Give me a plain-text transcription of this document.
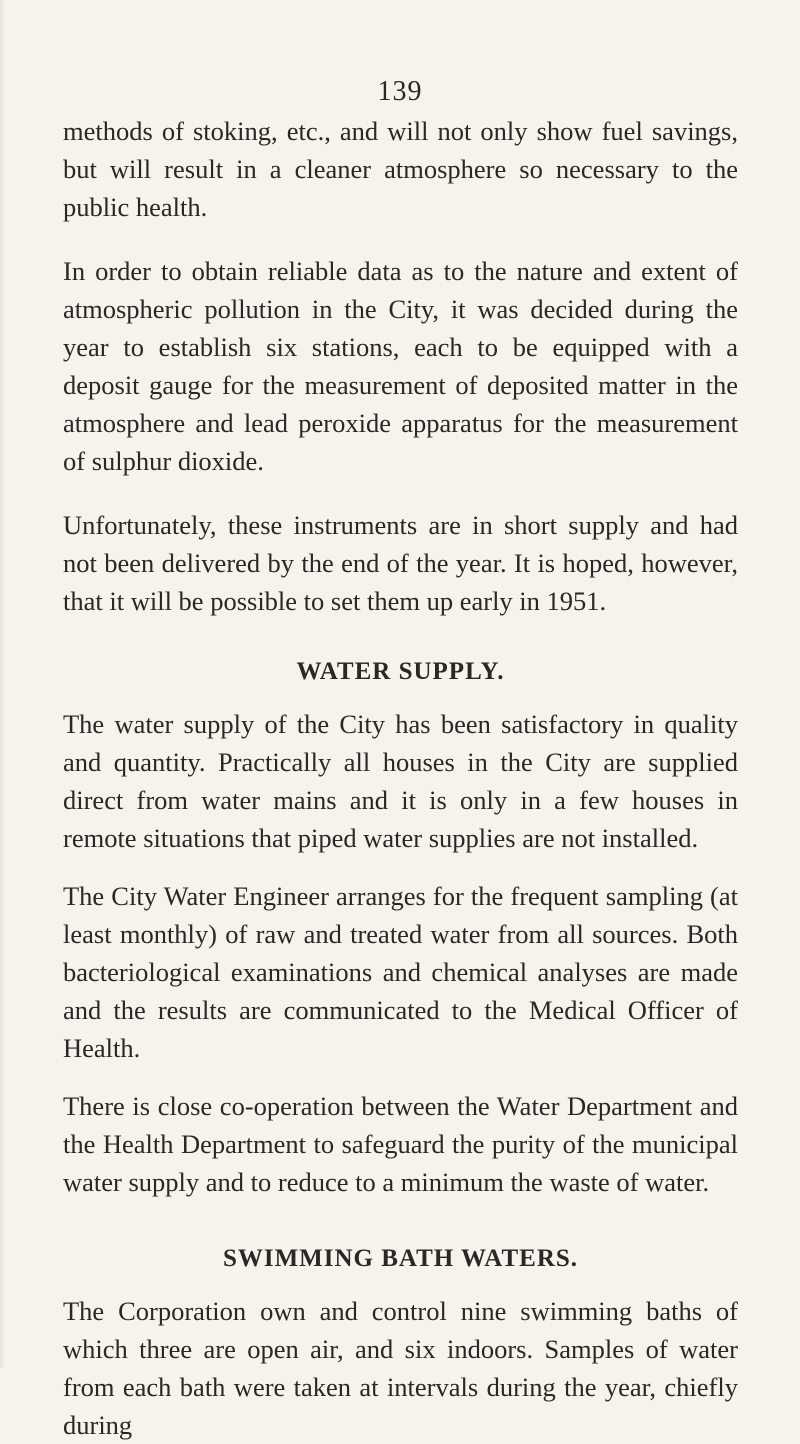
139

methods of stoking, etc., and will not only show fuel savings, but will result in a cleaner atmosphere so necessary to the public health.

In order to obtain reliable data as to the nature and extent of atmospheric pollution in the City, it was decided during the year to establish six stations, each to be equipped with a deposit gauge for the measurement of deposited matter in the atmosphere and lead peroxide apparatus for the measurement of sulphur dioxide.

Unfortunately, these instruments are in short supply and had not been delivered by the end of the year. It is hoped, however, that it will be possible to set them up early in 1951.

WATER SUPPLY.

The water supply of the City has been satisfactory in quality and quantity. Practically all houses in the City are supplied direct from water mains and it is only in a few houses in remote situations that piped water supplies are not installed.

The City Water Engineer arranges for the frequent sampling (at least monthly) of raw and treated water from all sources. Both bacteriological examinations and chemical analyses are made and the results are communicated to the Medical Officer of Health.

There is close co-operation between the Water Department and the Health Department to safeguard the purity of the municipal water supply and to reduce to a minimum the waste of water.

SWIMMING BATH WATERS.

The Corporation own and control nine swimming baths of which three are open air, and six indoors. Samples of water from each bath were taken at intervals during the year, chiefly during
